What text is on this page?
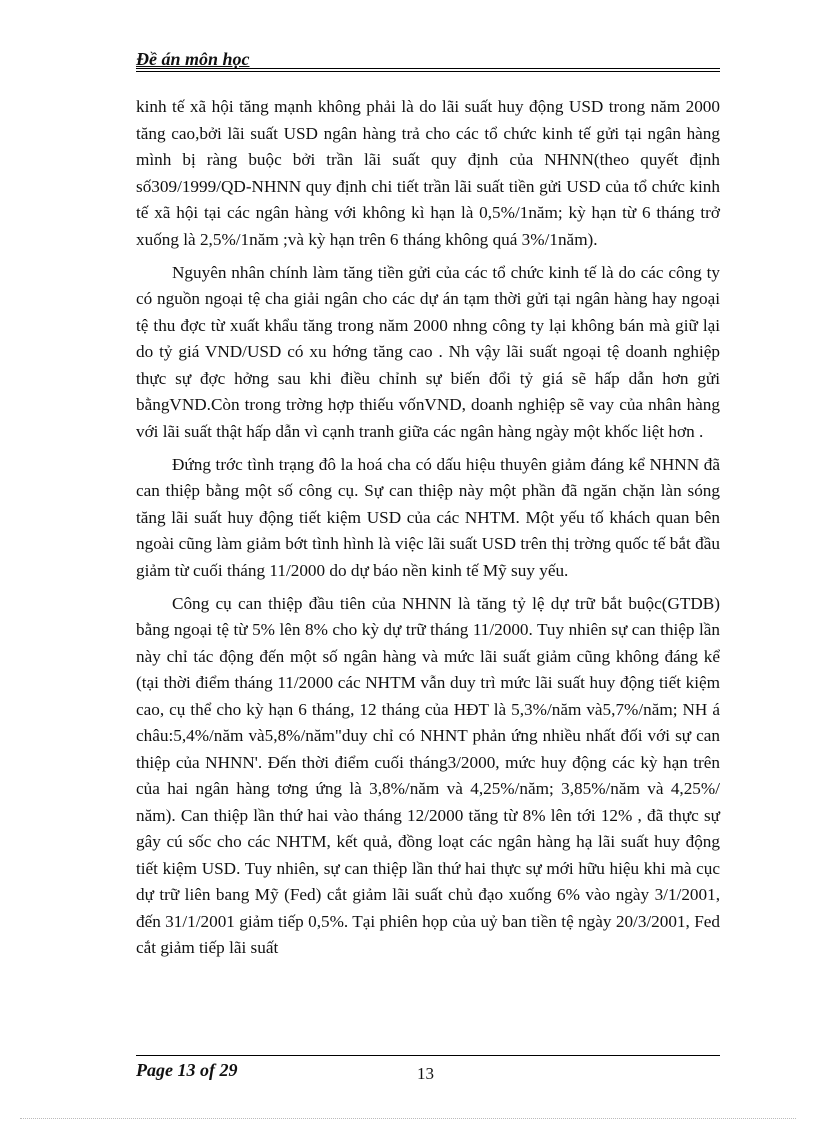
Đề án môn học

kinh tế xã hội tăng mạnh không phải là do lãi suất huy động USD trong năm 2000 tăng cao,bởi lãi suất USD ngân hàng trả cho các tổ chức kinh tế gửi tại ngân hàng mình bị ràng buộc bởi trần lãi suất quy định của NHNN(theo quyết định số309/1999/QD-NHNN quy định chi tiết trần lãi suất tiền gửi USD của tổ chức kinh tế xã hội tại các ngân hàng với không kì hạn là 0,5%/1năm; kỳ hạn từ 6 tháng trở xuống là 2,5%/1năm ;và kỳ hạn trên 6 tháng không quá 3%/1năm).

Nguyên nhân chính làm tăng tiền gửi của các tổ chức kinh tế là do các công ty có nguồn ngoại tệ cha giải ngân cho các dự án tạm thời gửi tại ngân hàng hay ngoại tệ thu đợc từ xuất khẩu tăng trong năm 2000 nhng công ty lại không bán mà giữ lại do tỷ giá VND/USD có xu hớng tăng cao . Nh vậy lãi suất ngoại tệ doanh nghiệp thực sự đợc hởng sau khi điều chỉnh sự biến đổi tỷ giá sẽ hấp dẫn hơn gửi bằngVND.Còn trong trờng hợp thiếu vốnVND, doanh nghiệp sẽ vay của nhân hàng với lãi suất thật hấp dẫn vì cạnh tranh giữa các ngân hàng ngày một khốc liệt hơn .

Đứng trớc tình trạng đô la hoá cha có dấu hiệu thuyên giảm đáng kể NHNN đã can thiệp bằng một số công cụ. Sự can thiệp này một phần đã ngăn chặn làn sóng tăng lãi suất huy động tiết kiệm USD của các NHTM. Một yếu tố khách quan bên ngoài cũng làm giảm bớt tình hình là việc lãi suất USD trên thị trờng quốc tế bắt đầu giảm từ cuối tháng 11/2000 do dự báo nền kinh tế Mỹ suy yếu.

Công cụ can thiệp đầu tiên của NHNN là tăng tỷ lệ dự trữ bắt buộc(GTDB) bằng ngoại tệ từ 5% lên 8% cho kỳ dự trữ tháng 11/2000. Tuy nhiên sự can thiệp lần này chỉ tác động đến một số ngân hàng và mức lãi suất giảm cũng không đáng kể (tại thời điểm tháng 11/2000 các NHTM vẫn duy trì mức lãi suất huy động tiết kiệm cao, cụ thể cho kỳ hạn 6 tháng, 12 tháng của HĐT là 5,3%/năm và5,7%/năm; NH á châu:5,4%/năm và5,8%/năm"duy chỉ có NHNT phản ứng nhiều nhất đối với sự can thiệp của NHNN'. Đến thời điểm cuối tháng3/2000, mức huy động các kỳ hạn trên của hai ngân hàng tơng ứng là 3,8%/năm và 4,25%/năm; 3,85%/năm và 4,25%/ năm). Can thiệp lần thứ hai vào tháng 12/2000 tăng từ 8% lên tới 12% , đã thực sự gây cú sốc cho các NHTM, kết quả, đồng loạt các ngân hàng hạ lãi suất huy động tiết kiệm USD. Tuy nhiên, sự can thiệp lần thứ hai thực sự mới hữu hiệu khi mà cục dự trữ liên bang Mỹ (Fed) cắt giảm lãi suất chủ đạo xuống 6% vào ngày 3/1/2001, đến 31/1/2001 giảm tiếp 0,5%. Tại phiên họp của uỷ ban tiền tệ ngày 20/3/2001, Fed cắt giảm tiếp lãi suất

Page 13 of 29	13
